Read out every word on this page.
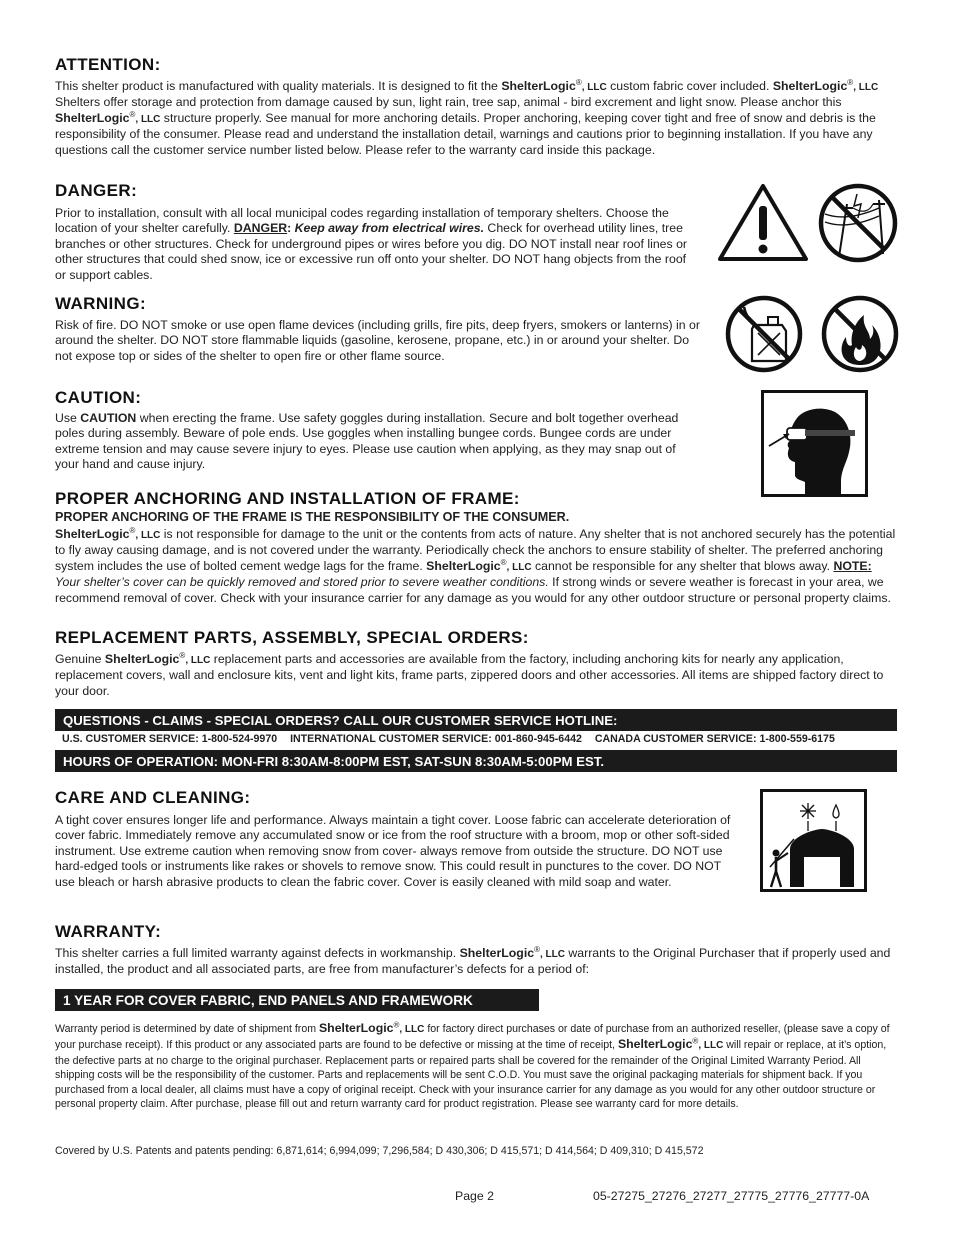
ATTENTION:

This shelter product is manufactured with quality materials. It is designed to fit the ShelterLogic®, LLC custom fabric cover included. ShelterLogic®, LLC Shelters offer storage and protection from damage caused by sun, light rain, tree sap, animal - bird excrement and light snow. Please anchor this ShelterLogic®, LLC structure properly. See manual for more anchoring details. Proper anchoring, keeping cover tight and free of snow and debris is the responsibility of the consumer. Please read and understand the installation detail, warnings and cautions prior to beginning installation. If you have any questions call the customer service number listed below. Please refer to the warranty card inside this package.

DANGER:

Prior to installation, consult with all local municipal codes regarding installation of temporary shelters. Choose the location of your shelter carefully. DANGER: Keep away from electrical wires. Check for overhead utility lines, tree branches or other structures. Check for underground pipes or wires before you dig. DO NOT install near roof lines or other structures that could shed snow, ice or excessive run off onto your shelter. DO NOT hang objects from the roof or support cables.

WARNING:

Risk of fire. DO NOT smoke or use open flame devices (including grills, fire pits, deep fryers, smokers or lanterns) in or around the shelter. DO NOT store flammable liquids (gasoline, kerosene, propane, etc.) in or around your shelter. Do not expose top or sides of the shelter to open fire or other flame source.

CAUTION:

Use CAUTION when erecting the frame. Use safety goggles during installation. Secure and bolt together overhead poles during assembly. Beware of pole ends. Use goggles when installing bungee cords. Bungee cords are under extreme tension and may cause severe injury to eyes. Please use caution when applying, as they may snap out of your hand and cause injury.

PROPER ANCHORING AND INSTALLATION OF FRAME:
PROPER ANCHORING OF THE FRAME IS THE RESPONSIBILITY OF THE CONSUMER.

ShelterLogic®, LLC is not responsible for damage to the unit or the contents from acts of nature. Any shelter that is not anchored securely has the potential to fly away causing damage, and is not covered under the warranty. Periodically check the anchors to ensure stability of shelter. The preferred anchoring system includes the use of bolted cement wedge lags for the frame. ShelterLogic®, LLC cannot be responsible for any shelter that blows away. NOTE: Your shelter’s cover can be quickly removed and stored prior to severe weather conditions. If strong winds or severe weather is forecast in your area, we recommend removal of cover. Check with your insurance carrier for any damage as you would for any other outdoor structure or personal property claims.

REPLACEMENT PARTS, ASSEMBLY, SPECIAL ORDERS:

Genuine ShelterLogic®, LLC replacement parts and accessories are available from the factory, including anchoring kits for nearly any application, replacement covers, wall and enclosure kits, vent and light kits, frame parts, zippered doors and other accessories. All items are shipped factory direct to your door.

QUESTIONS - CLAIMS - SPECIAL ORDERS? CALL OUR CUSTOMER SERVICE HOTLINE:
U.S. CUSTOMER SERVICE: 1-800-524-9970 INTERNATIONAL CUSTOMER SERVICE: 001-860-945-6442 CANADA CUSTOMER SERVICE: 1-800-559-6175
HOURS OF OPERATION: MON-FRI 8:30AM-8:00PM EST, SAT-SUN 8:30AM-5:00PM EST.
CARE AND CLEANING:

A tight cover ensures longer life and performance. Always maintain a tight cover. Loose fabric can accelerate deterioration of cover fabric. Immediately remove any accumulated snow or ice from the roof structure with a broom, mop or other soft-sided instrument. Use extreme caution when removing snow from cover- always remove from outside the structure. DO NOT use hard-edged tools or instruments like rakes or shovels to remove snow. This could result in punctures to the cover. DO NOT use bleach or harsh abrasive products to clean the fabric cover. Cover is easily cleaned with mild soap and water.

WARRANTY:

This shelter carries a full limited warranty against defects in workmanship. ShelterLogic®, LLC warrants to the Original Purchaser that if properly used and installed, the product and all associated parts, are free from manufacturer’s defects for a period of:

1 YEAR FOR COVER FABRIC, END PANELS AND FRAMEWORK

Warranty period is determined by date of shipment from ShelterLogic®, LLC for factory direct purchases or date of purchase from an authorized reseller, (please save a copy of your purchase receipt). If this product or any associated parts are found to be defective or missing at the time of receipt, ShelterLogic®, LLC will repair or replace, at it’s option, the defective parts at no charge to the original purchaser. Replacement parts or repaired parts shall be covered for the remainder of the Original Limited Warranty Period. All shipping costs will be the responsibility of the customer. Parts and replacements will be sent C.O.D. You must save the original packaging materials for shipment back. If you purchased from a local dealer, all claims must have a copy of original receipt. Check with your insurance carrier for any damage as you would for any other outdoor structure or personal property claim. After purchase, please fill out and return warranty card for product registration. Please see warranty card for more details.

Covered by U.S. Patents and patents pending: 6,871,614; 6,994,099; 7,296,584; D 430,306; D 415,571; D 414,564; D 409,310; D 415,572

Page 2	05-27275_27276_27277_27775_27776_27777-0A
